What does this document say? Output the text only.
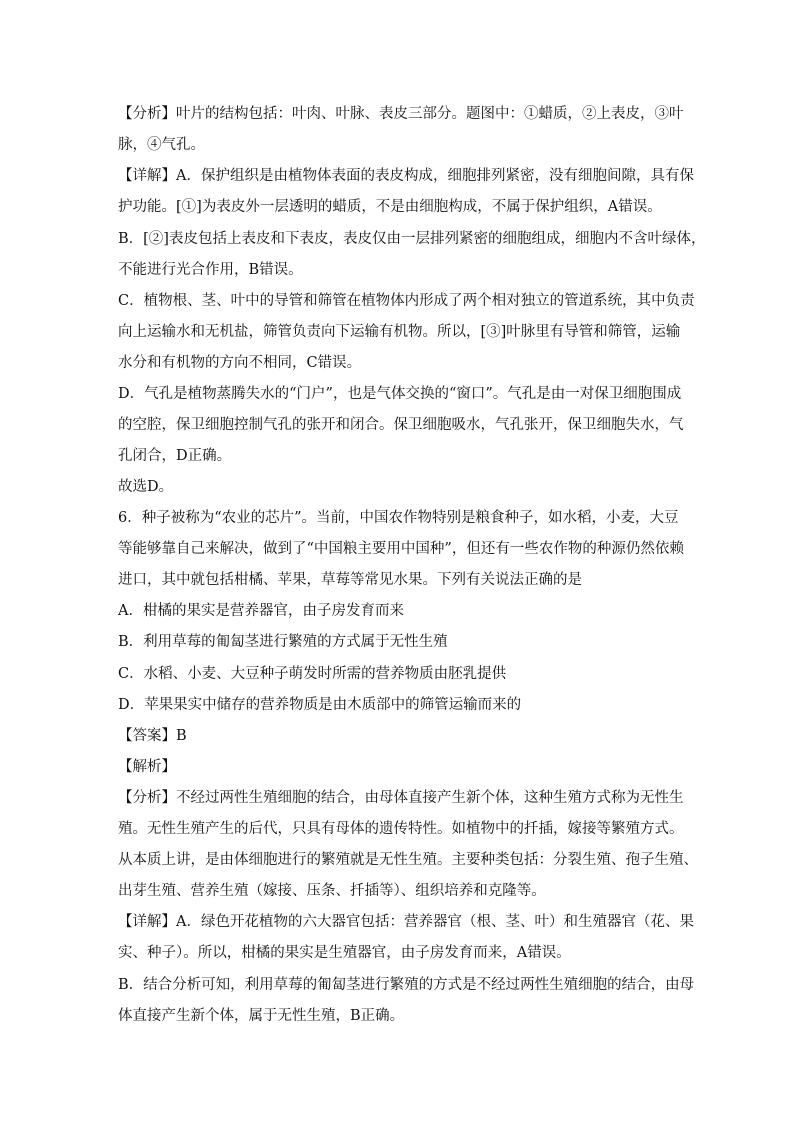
【分析】叶片的结构包括：叶肉、叶脉、表皮三部分。题图中：①蜡质，②上表皮，③叶
脉，④气孔。
【详解】A．保护组织是由植物体表面的表皮构成，细胞排列紧密，没有细胞间隙，具有保
护功能。[①]为表皮外一层透明的蜡质，不是由细胞构成，不属于保护组织，A错误。
B．[②]表皮包括上表皮和下表皮，表皮仅由一层排列紧密的细胞组成，细胞内不含叶绿体，
不能进行光合作用，B错误。
C．植物根、茎、叶中的导管和筛管在植物体内形成了两个相对独立的管道系统，其中负责
向上运输水和无机盐，筛管负责向下运输有机物。所以，[③]叶脉里有导管和筛管，运输
水分和有机物的方向不相同，C错误。
D．气孔是植物蒸腾失水的“门户”，也是气体交换的“窗口”。气孔是由一对保卫细胞围成
的空腔，保卫细胞控制气孔的张开和闭合。保卫细胞吸水，气孔张开，保卫细胞失水，气
孔闭合，D正确。
故选D。
6．种子被称为“农业的芯片”。当前，中国农作物特别是粮食种子，如水稻，小麦，大豆
等能够靠自己来解决，做到了“中国粮主要用中国种”，但还有一些农作物的种源仍然依赖
进口，其中就包括柑橘、苹果，草莓等常见水果。下列有关说法正确的是
A．柑橘的果实是营养器官，由子房发育而来
B．利用草莓的匍匐茎进行繁殖的方式属于无性生殖
C．水稻、小麦、大豆种子萌发时所需的营养物质由胚乳提供
D．苹果果实中储存的营养物质是由木质部中的筛管运输而来的
【答案】B
【解析】
【分析】不经过两性生殖细胞的结合，由母体直接产生新个体，这种生殖方式称为无性生
殖。无性生殖产生的后代，只具有母体的遗传特性。如植物中的扦插，嫁接等繁殖方式。
从本质上讲，是由体细胞进行的繁殖就是无性生殖。主要种类包括：分裂生殖、孢子生殖、
出芽生殖、营养生殖（嫁接、压条、扦插等）、组织培养和克隆等。
【详解】A．绿色开花植物的六大器官包括：营养器官（根、茎、叶）和生殖器官（花、果
实、种子）。所以，柑橘的果实是生殖器官，由子房发育而来，A错误。
B．结合分析可知，利用草莓的匍匐茎进行繁殖的方式是不经过两性生殖细胞的结合，由母
体直接产生新个体，属于无性生殖，B正确。
